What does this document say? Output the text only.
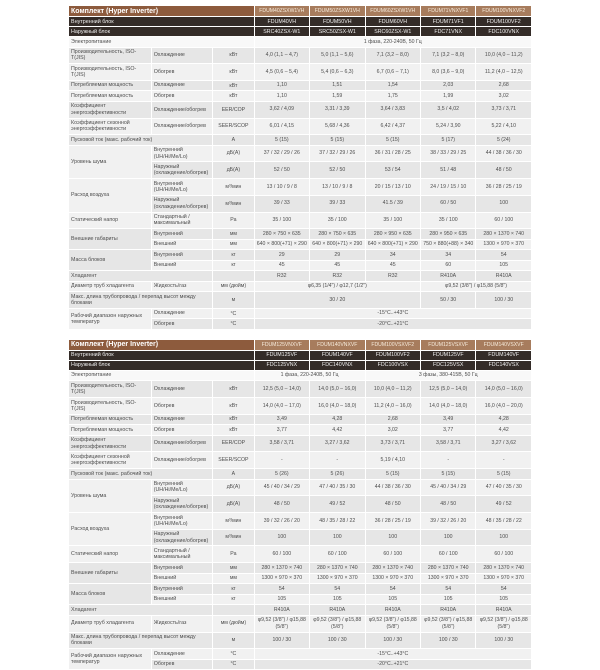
Комплект (Hyper Inverter)			FDUM40ZSXW1VH	FDUM50ZSXW1VH	FDUM60ZSXW1VH	FDUM71VNXVF1	FDUM100VNXVF2
Внутренний блок			FDUM40VH	FDUM50VH	FDUM60VH	FDUM71VF1	FDUM100VF2
Наружный блок			SRC40ZSX-W1	SRC50ZSX-W1	SRC60ZSX-W1	FDC71VNX	FDC100VNX
Электропитание			1 фаза, 220-240В, 50 Гц				
Производительность, ISO-T(JIS)	Охлаждение	кВт	4,0 (1,1 – 4,7)	5,0 (1,1 – 5,6)	7,1 (3,2 – 8,0)	7,1 (3,2 – 8,0)	10,0 (4,0 – 11,2)
Производительность, ISO-T(JIS)	Обогрев	кВт	4,5 (0,6 – 5,4)	5,4 (0,6 – 6,3)	6,7 (0,6 – 7,1)	8,0 (3,6 – 9,0)	11,2 (4,0 – 12,5)
Потребляемая мощность	Охлаждение	кВт	1,10	1,51	1,54	2,03	2,68
Потребляемая мощность	Обогрев	кВт	1,10	1,59	1,75	1,99	3,02
Коэффициент энергоэффективности	Охлаждение/обогрев	EER/COP	3,62 / 4,09	3,31 / 3,39	3,64 / 3,83	3,5 / 4,02	3,73 / 3,71
Коэффициент сезонной энергоэффективности	Охлаждение/обогрев	SEER/SCOP	6,01 / 4,15	5,68 / 4,36	6,42 / 4,37	5,24 / 3,90	5,22 / 4,10
Пусковой ток (макс. рабочий ток)		A	5 (15)	5 (15)	5 (15)	5 (17)	5 (24)
Уровень шума	Внутренний (UH/Hi/Me/Lo)	дБ(А)	37 / 32 / 29 / 26	37 / 32 / 29 / 26	36 / 31 / 28 / 25	38 / 33 / 29 / 25	44 / 38 / 36 / 30
	Наружный (охлаждение/обогрев)	дБ(А)	52 / 50	52 / 50	53 / 54	51 / 48	48 / 50
Расход воздуха	Внутренний (UH/Hi/Me/Lo)	м³/мин	13 / 10 / 9 / 8	13 / 10 / 9 / 8	20 / 15 / 13 / 10	24 / 19 / 15 / 10	36 / 28 / 25 / 19
	Наружный (охлаждение/обогрев)	м³/мин	39 / 33	39 / 33	41.5 / 39	60 / 50	100
Статический напор	Стандартный / максимальный	Pa	35 / 100	35 / 100	35 / 100	35 / 100	60 / 100
Внешние габариты	Внутренний	мм	280 × 750 × 635	280 × 750 × 635	280 × 950 × 635	280 × 950 × 635	280 × 1370 × 740
	Внешний	мм	640 × 800(+71) × 290	640 × 800(+71) × 290	640 × 800(+71) × 290	750 × 880(+88) × 340	1300 × 970 × 370
Масса блоков	Внутренний	кг	29	29	34	34	54
	Внешний	кг	45	45	45	60	105
Хладагент			R32	R32	R32	R410A	R410A
Диаметр труб хладагента	Жидкость/газ	мм (дюйм)	φ6,35 (1/4") / φ12,7 (1/2")			φ9,52 (3/8") / φ15,88 (5/8")	
Макс. длина трубопровода / перепад высот между блоками		м	30 / 20			50 / 30	100 / 30
Рабочий диапазон наружных температур	Охлаждение	°C	-15°C..+43°C				
	Обогрев	°C	-20°C..+21°C				
Комплект (Hyper Inverter)			FDUM125VNXVF	FDUM140VNXVF	FDUM100VSXVF2	FDUM125VSXVF	FDUM140VSXVF
Внутренний блок			FDUM125VF	FDUM140VF	FDUM100VF2	FDUM125VF	FDUM140VF
Наружный блок			FDC125VNX	FDC140VNX	FDC100VSX	FDC125VSX	FDC140VSX
Электропитание			1 фаза, 220-240В, 50 Гц		3 фазы, 380-415В, 50 Гц		
Производительность, ISO-T(JIS)	Охлаждение	кВт	12,5 (5,0 – 14,0)	14,0 (5,0 – 16,0)	10,0 (4,0 – 11,2)	12,5 (5,0 – 14,0)	14,0 (5,0 – 16,0)
Производительность, ISO-T(JIS)	Обогрев	кВт	14,0 (4,0 – 17,0)	16,0 (4,0 – 18,0)	11,2 (4,0 – 16,0)	14,0 (4,0 – 18,0)	16,0 (4,0 – 20,0)
Потребляемая мощность	Охлаждение	кВт	3,49	4,28	2,68	3,49	4,28
Потребляемая мощность	Обогрев	кВт	3,77	4,42	3,02	3,77	4,42
Коэффициент энергоэффективности	Охлаждение/обогрев	EER/COP	3,58 / 3,71	3,27 / 3,62	3,73 / 3,71	3,58 / 3,71	3,27 / 3,62
Коэффициент сезонной энергоэффективности	Охлаждение/обогрев	SEER/SCOP	-	-	5,19 / 4,10	-	-
Пусковой ток (макс. рабочий ток)		A	5 (26)	5 (26)	5 (15)	5 (15)	5 (15)
Уровень шума	Внутренний (UH/Hi/Me/Lo)	дБ(А)	45 / 40 / 34 / 29	47 / 40 / 35 / 30	44 / 38 / 36 / 30	45 / 40 / 34 / 29	47 / 40 / 35 / 30
	Наружный (охлаждение/обогрев)	дБ(А)	48 / 50	49 / 52	48 / 50	48 / 50	49 / 52
Расход воздуха	Внутренний (UH/Hi/Me/Lo)	м³/мин	39 / 32 / 26 / 20	48 / 35 / 28 / 22	36 / 28 / 25 / 19	39 / 32 / 26 / 20	48 / 35 / 28 / 22
	Наружный (охлаждение/обогрев)	м³/мин	100	100	100	100	100
Статический напор	Стандартный / максимальный	Pa	60 / 100	60 / 100	60 / 100	60 / 100	60 / 100
Внешние габариты	Внутренний	мм	280 × 1370 × 740	280 × 1370 × 740	280 × 1370 × 740	280 × 1370 × 740	280 × 1370 × 740
	Внешний	мм	1300 × 970 × 370	1300 × 970 × 370	1300 × 970 × 370	1300 × 970 × 370	1300 × 970 × 370
Масса блоков	Внутренний	кг	54	54	54	54	54
	Внешний	кг	105	105	105	105	105
Хладагент			R410A	R410A	R410A	R410A	R410A
Диаметр труб хладагента	Жидкость/газ	мм (дюйм)	φ9,52 (3/8") / φ15,88 (5/8")	φ9,52 (3/8") / φ15,88 (5/8")	φ9,52 (3/8") / φ15,88 (5/8")	φ9,52 (3/8") / φ15,88 (5/8")	φ9,52 (3/8") / φ15,88 (5/8")
Макс. длина трубопровода / перепад высот между блоками		м	100 / 30	100 / 30	100 / 30	100 / 30	100 / 30
Рабочий диапазон наружных температур	Охлаждение	°C	-15°C..+43°C				
	Обогрев	°C	-20°C..+21°C				
